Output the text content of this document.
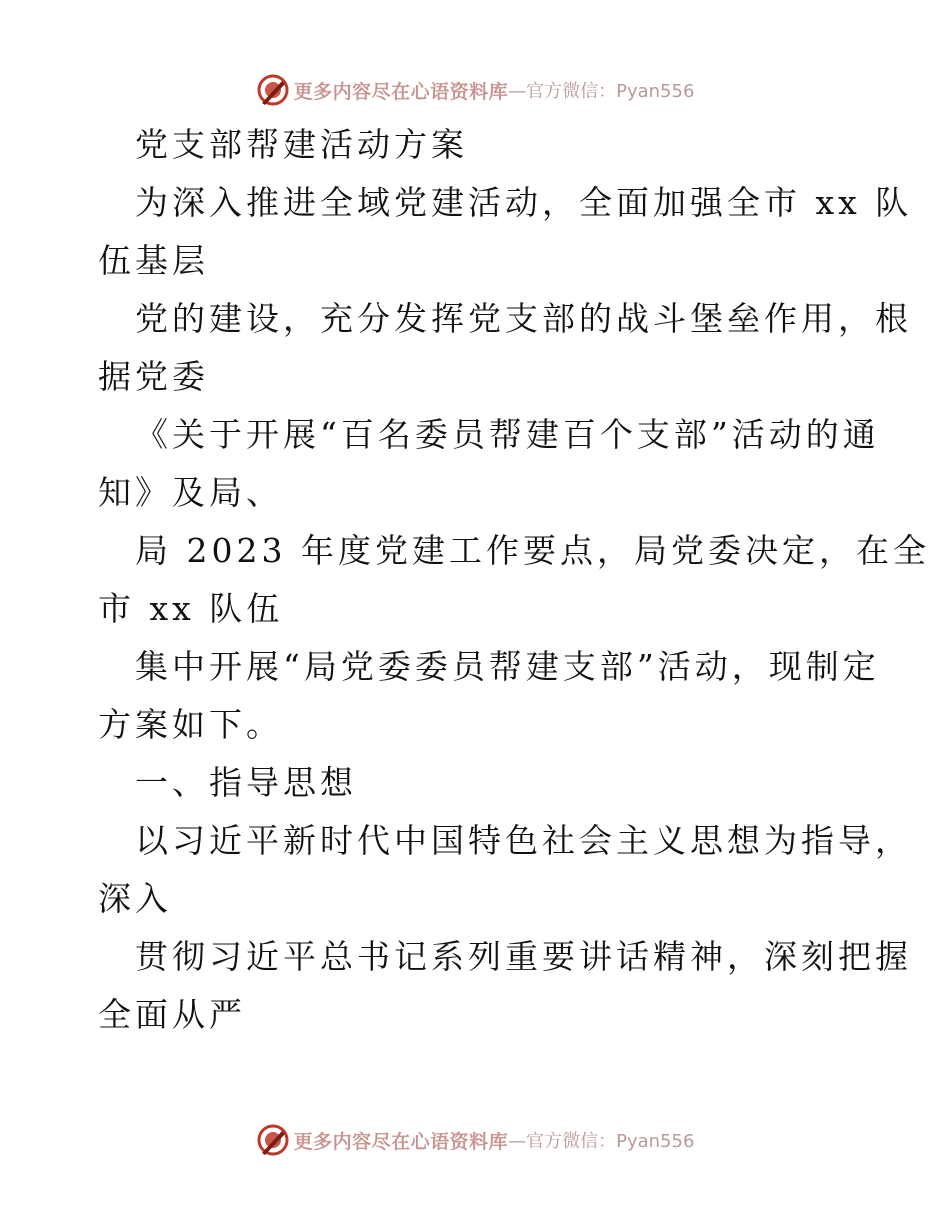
更多内容尽在心语资料库 —官方微信：Pyan556
党支部帮建活动方案
为深入推进全域党建活动，全面加强全市 xx 队
伍基层
党的建设，充分发挥党支部的战斗堡垒作用，根
据党委
《关于开展“百名委员帮建百个支部”活动的通
知》及局、
局 2023 年度党建工作要点，局党委决定，在全
市 xx 队伍
集中开展“局党委委员帮建支部”活动，现制定
方案如下。
一、指导思想
以习近平新时代中国特色社会主义思想为指导，
深入
贯彻习近平总书记系列重要讲话精神，深刻把握
全面从严
更多内容尽在心语资料库 —官方微信：Pyan556
